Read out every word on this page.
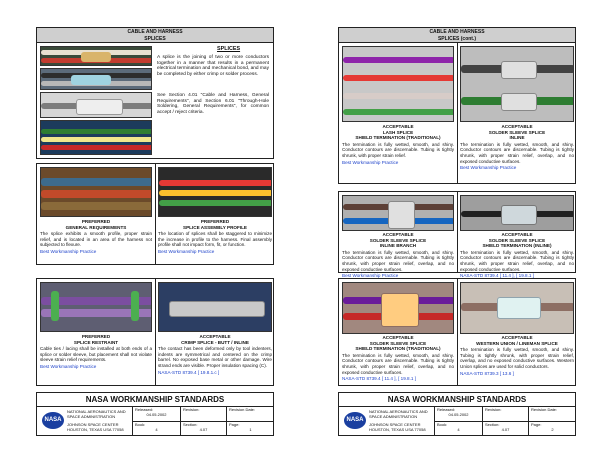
CABLE AND HARNESS
SPLICES
SPLICES
A splice is the joining of two or more conductors together in a manner that results in a permanent electrical termination and mechanical bond, and may be completed by either crimp or solder process.
See Section 4.01 "Cable and Harness, General Requirements", and Section 6.01 "Through-Hole Soldering, General Requirements", for common accept / reject criteria.
PREFERRED
GENERAL REQUIREMENTS
The splice exhibits a smooth profile, proper strain relief, and is located in an area of the harness not subjected to flexure.
Best Workmanship Practice
PREFERRED
SPLICE ASSEMBLY PROFILE
The location of splices shall be staggered to minimize the increase in profile to the harness. Final assembly profile shall not impact form, fit, or function.
Best Workmanship Practice
PREFERRED
SPLICE RESTRAINT
Cable ties / lacing shall be installed at both ends of a splice or solder sleeve, but placement shall not violate sleeve strain relief requirements.
Best Workmanship Practice
ACCEPTABLE
CRIMP SPLICE - BUTT / INLINE
The contact has been deformed only by tool indenters, indents are symmetrical and centered on the crimp barrel. No exposed base metal or other damage. Wire strand ends are visible. Proper insulation spacing (C).
NASA-STD 8739.4 [ 19.8.1.c ]
NASA WORKMANSHIP STANDARDS
NASA
NATIONAL AERONAUTICS AND SPACE ADMINISTRATION
JOHNSON SPACE CENTER HOUSTON, TEXAS USA 77058
Released:
04.05.2002
Revision:	Revision Date:
Book:
4
Section:
4.07
Page:
1
CABLE AND HARNESS
SPLICES (cont.)
ACCEPTABLE
LASH SPLICE
SHIELD TERMINATION (TRADITIONAL)
The termination is fully wetted, smooth, and shiny. Conductor contours are discernable. Tubing is tightly shrunk, with proper strain relief.
Best Workmanship Practice
ACCEPTABLE
SOLDER SLEEVE SPLICE
INLINE
The termination is fully wetted, smooth, and shiny. Conductor contours are discernable. Tubing is tightly shrunk, with proper strain relief, overlap, and no exposed conductive surfaces.
Best Workmanship Practice
ACCEPTABLE
SOLDER SLEEVE SPLICE
INLINE BRANCH
The termination is fully wetted, smooth, and shiny. Conductor contours are discernable. Tubing is tightly shrunk, with proper strain relief, overlap, and no exposed conductive surfaces.
Best Workmanship Practice
ACCEPTABLE
SOLDER SLEEVE SPLICE
SHIELD TERMINATION (INLINE)
The termination is fully wetted, smooth, and shiny. Conductor contours are discernable. Tubing is tightly shrunk, with proper strain relief, overlap, and no exposed conductive surfaces.
NASA-STD 8739.4 [ 11.4 ], [ 19.8.1 ]
ACCEPTABLE
SOLDER SLEEVE SPLICE
SHIELD TERMINATION (TRADITIONAL)
The termination is fully wetted, smooth, and shiny. Conductor contours are discernable. Tubing is tightly shrunk, with proper strain relief, overlap, and no exposed conductive surfaces.
NASA-STD 8739.4 [ 11.4 ], [ 19.8.1 ]
ACCEPTABLE
WESTERN UNION / LINEMAN SPLICE
The termination is fully wetted, smooth, and shiny. Tubing is tightly shrunk, with proper strain relief, overlap, and no exposed conductive surfaces. Western Union splices are used for solid conductors.
NASA-STD 8739.3 [ 13.6 ]
NASA WORKMANSHIP STANDARDS
NASA
NATIONAL AERONAUTICS AND SPACE ADMINISTRATION
JOHNSON SPACE CENTER HOUSTON, TEXAS USA 77058
Released:
04.05.2002
Revision:	Revision Date:
Book:
4
Section:
4.07
Page:
2
